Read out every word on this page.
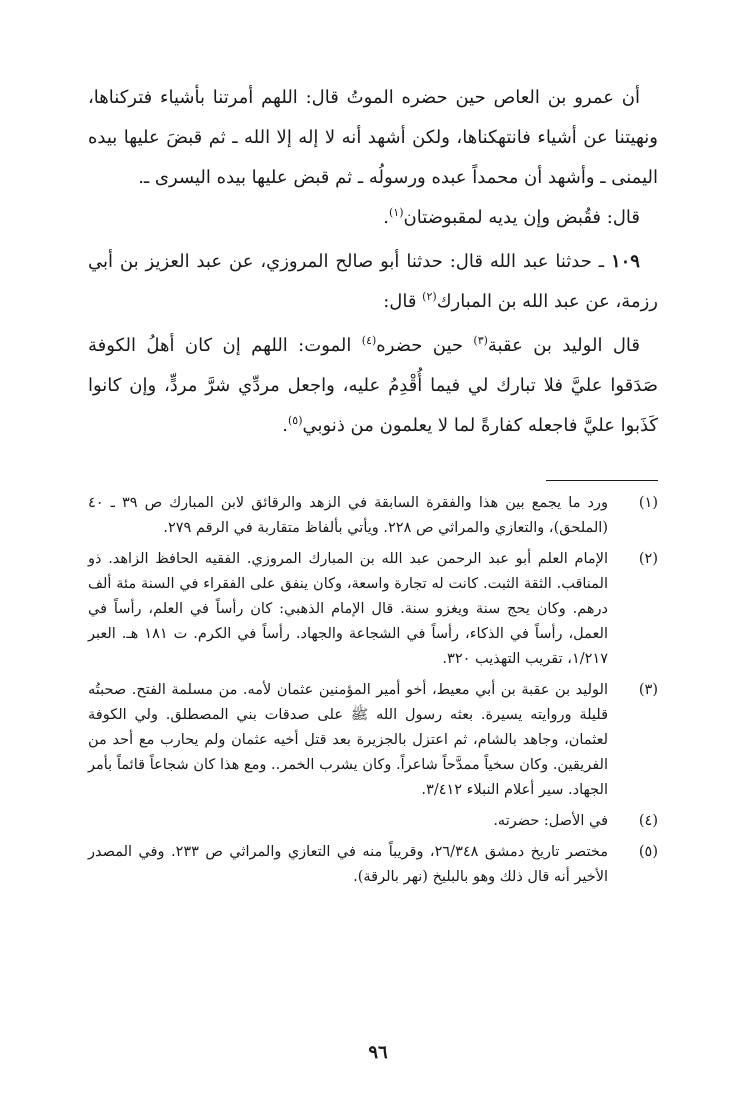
أن عمرو بن العاص حين حضره الموتُ قال: اللهم أمرتنا بأشياء فتركناها، ونهيتنا عن أشياء فانتهكناها، ولكن أشهد أنه لا إله إلا الله ـ ثم قبضَ عليها بيده اليمنى ـ وأشهد أن محمداً عبده ورسولُه ـ ثم قبض عليها بيده اليسرى ـ.

قال: فقُبض وإن يديه لمقبوضتان$^{(١)}$.

١٠٩ ـ حدثنا عبد الله قال: حدثنا أبو صالح المروزي، عن عبد العزيز بن أبي رزمة، عن عبد الله بن المبارك$^{(٢)}$ قال:

قال الوليد بن عقبة$^{(٣)}$ حين حضره$^{(٤)}$ الموت: اللهم إن كان أهلُ الكوفة صَدَقوا عليَّ فلا تبارك لي فيما أُقْدِمُ عليه، واجعل مردِّي شرَّ مردٍّ، وإن كانوا كَذَبوا عليَّ فاجعله كفارةً لما لا يعلمون من ذنوبي$^{(٥)}$.

(١)
ورد ما يجمع بين هذا والفقرة السابقة في الزهد والرقائق لابن المبارك ص ٣٩ ـ ٤٠ (الملحق)، والتعازي والمراثي ص ٢٢٨. ويأتي بألفاظ متقاربة في الرقم ٢٧٩.
(٢)
الإمام العلم أبو عبد الرحمن عبد الله بن المبارك المروزي. الفقيه الحافظ الزاهد. ذو المناقب. الثقة الثبت. كانت له تجارة واسعة، وكان ينفق على الفقراء في السنة مئة ألف درهم. وكان يحج سنة ويغزو سنة. قال الإمام الذهبي: كان رأساً في العلم، رأساً في العمل، رأساً في الذكاء، رأساً في الشجاعة والجهاد. رأساً في الكرم. ت ١٨١ هـ. العبر ١/٢١٧، تقريب التهذيب ٣٢٠.
(٣)
الوليد بن عقبة بن أبي معيط، أخو أمير المؤمنين عثمان لأمه. من مسلمة الفتح. صحبتُه قليلة وروايته يسيرة. بعثه رسول الله ﷺ على صدقات بني المصطلق. ولي الكوفة لعثمان، وجاهد بالشام، ثم اعتزل بالجزيرة بعد قتل أخيه عثمان ولم يحارب مع أحد من الفريقين. وكان سخياً ممدَّحاً شاعراً. وكان يشرب الخمر.. ومع هذا كان شجاعاً قائماً بأمر الجهاد. سير أعلام النبلاء ٣/٤١٢.
(٤)
في الأصل: حضرته.
(٥)
مختصر تاريخ دمشق ٢٦/٣٤٨، وقريباً منه في التعازي والمراثي ص ٢٣٣. وفي المصدر الأخير أنه قال ذلك وهو بالبليخ (نهر بالرقة).
٩٦
